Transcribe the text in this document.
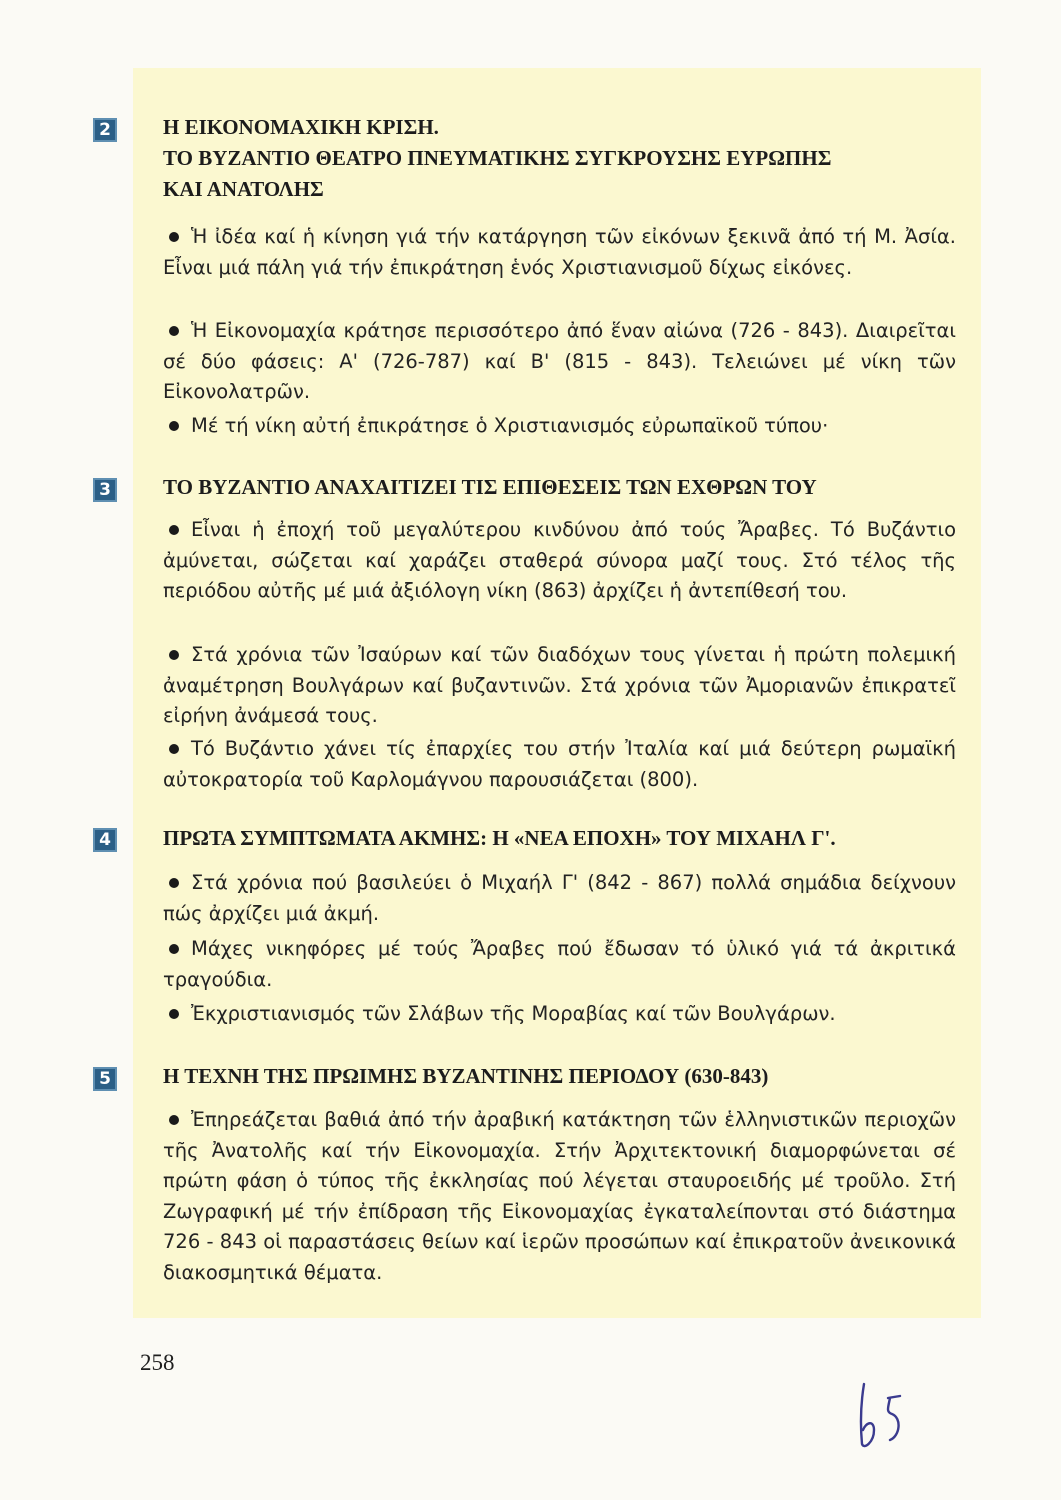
2 Η ΕΙΚΟΝΟΜΑΧΙΚΗ ΚΡΙΣΗ.
ΤΟ ΒΥΖΑΝΤΙΟ ΘΕΑΤΡΟ ΠΝΕΥΜΑΤΙΚΗΣ ΣΥΓΚΡΟΥΣΗΣ ΕΥΡΩΠΗΣ
ΚΑΙ ΑΝΑΤΟΛΗΣ

Ἡ ἰδέα καί ἡ κίνηση γιά τήν κατάργηση τῶν εἰκόνων ξεκινᾶ ἀπό τή Μ. Ἀσία. Εἶναι μιά πάλη γιά τήν ἐπικράτηση ἑνός Χριστιανισμοῦ δίχως εἰκόνες.

Ἡ Εἰκονομαχία κράτησε περισσότερο ἀπό ἕναν αἰώνα (726 - 843). Διαιρεῖται σέ δύο φάσεις: Α' (726-787) καί Β' (815 - 843). Τελειώνει μέ νίκη τῶν Εἰκονολατρῶν.

Μέ τή νίκη αὐτή ἐπικράτησε ὁ Χριστιανισμός εὐρωπαϊκοῦ τύπου·

3 ΤΟ ΒΥΖΑΝΤΙΟ ΑΝΑΧΑΙΤΙΖΕΙ ΤΙΣ ΕΠΙΘΕΣΕΙΣ ΤΩΝ ΕΧΘΡΩΝ ΤΟΥ

Εἶναι ἡ ἐποχή τοῦ μεγαλύτερου κινδύνου ἀπό τούς Ἄραβες. Τό Βυζάντιο ἀμύνεται, σώζεται καί χαράζει σταθερά σύνορα μαζί τους. Στό τέλος τῆς περιόδου αὐτῆς μέ μιά ἀξιόλογη νίκη (863) ἀρχίζει ἡ ἀντεπίθεσή του.

Στά χρόνια τῶν Ἰσαύρων καί τῶν διαδόχων τους γίνεται ἡ πρώτη πολεμική ἀναμέτρηση Βουλγάρων καί βυζαντινῶν. Στά χρόνια τῶν Ἀμοριανῶν ἐπικρατεῖ εἰρήνη ἀνάμεσά τους.

Τό Βυζάντιο χάνει τίς ἐπαρχίες του στήν Ἰταλία καί μιά δεύτερη ρωμαϊκή αὐτοκρατορία τοῦ Καρλομάγνου παρουσιάζεται (800).

4 ΠΡΩΤΑ ΣΥΜΠΤΩΜΑΤΑ ΑΚΜΗΣ: Η «ΝΕΑ ΕΠΟΧΗ» ΤΟΥ ΜΙΧΑΗΛ Γ'.

Στά χρόνια πού βασιλεύει ὁ Μιχαήλ Γ' (842 - 867) πολλά σημάδια δείχνουν πώς ἀρχίζει μιά ἀκμή.

Μάχες νικηφόρες μέ τούς Ἄραβες πού ἔδωσαν τό ὑλικό γιά τά ἀκριτικά τραγούδια.

Ἐκχριστιανισμός τῶν Σλάβων τῆς Μοραβίας καί τῶν Βουλγάρων.

5 Η ΤΕΧΝΗ ΤΗΣ ΠΡΩΙΜΗΣ ΒΥΖΑΝΤΙΝΗΣ ΠΕΡΙΟΔΟΥ (630-843)

Ἐπηρεάζεται βαθιά ἀπό τήν ἀραβική κατάκτηση τῶν ἑλληνιστικῶν περιοχῶν τῆς Ἀνατολῆς καί τήν Εἰκονομαχία. Στήν Ἀρχιτεκτονική διαμορφώνεται σέ πρώτη φάση ὁ τύπος τῆς ἐκκλησίας πού λέγεται σταυροειδής μέ τροῦλο. Στή Ζωγραφική μέ τήν ἐπίδραση τῆς Εἰκονομαχίας ἐγκαταλείπονται στό διάστημα 726 - 843 οἱ παραστάσεις θείων καί ἱερῶν προσώπων καί ἐπικρατοῦν ἀνεικονικά διακοσμητικά θέματα.

258
